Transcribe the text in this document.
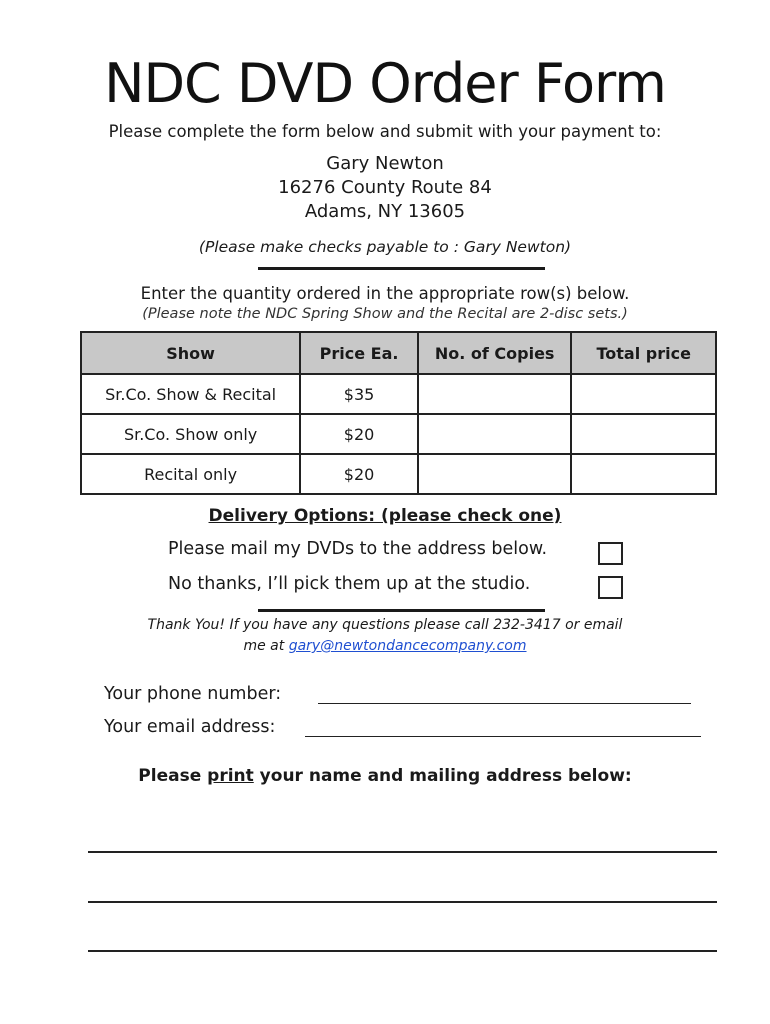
NDC DVD Order Form
Please complete the form below and submit with your payment to:
Gary Newton
16276 County Route 84
Adams, NY 13605
(Please make checks payable to : Gary Newton)
Enter the quantity ordered in the appropriate row(s) below.
(Please note the NDC Spring Show and the Recital are 2-disc sets.)
Show	Price Ea.	No. of Copies	Total price
Sr.Co. Show & Recital	$35		
Sr.Co. Show only	$20		
Recital only	$20		
Delivery Options: (please check one)
Please mail my DVDs to the address below.
No thanks, I’ll pick them up at the studio.
Thank You! If you have any questions please call 232-3417 or email
me at gary@newtondancecompany.com
Your phone number:
Your email address:
Please print your name and mailing address below:
